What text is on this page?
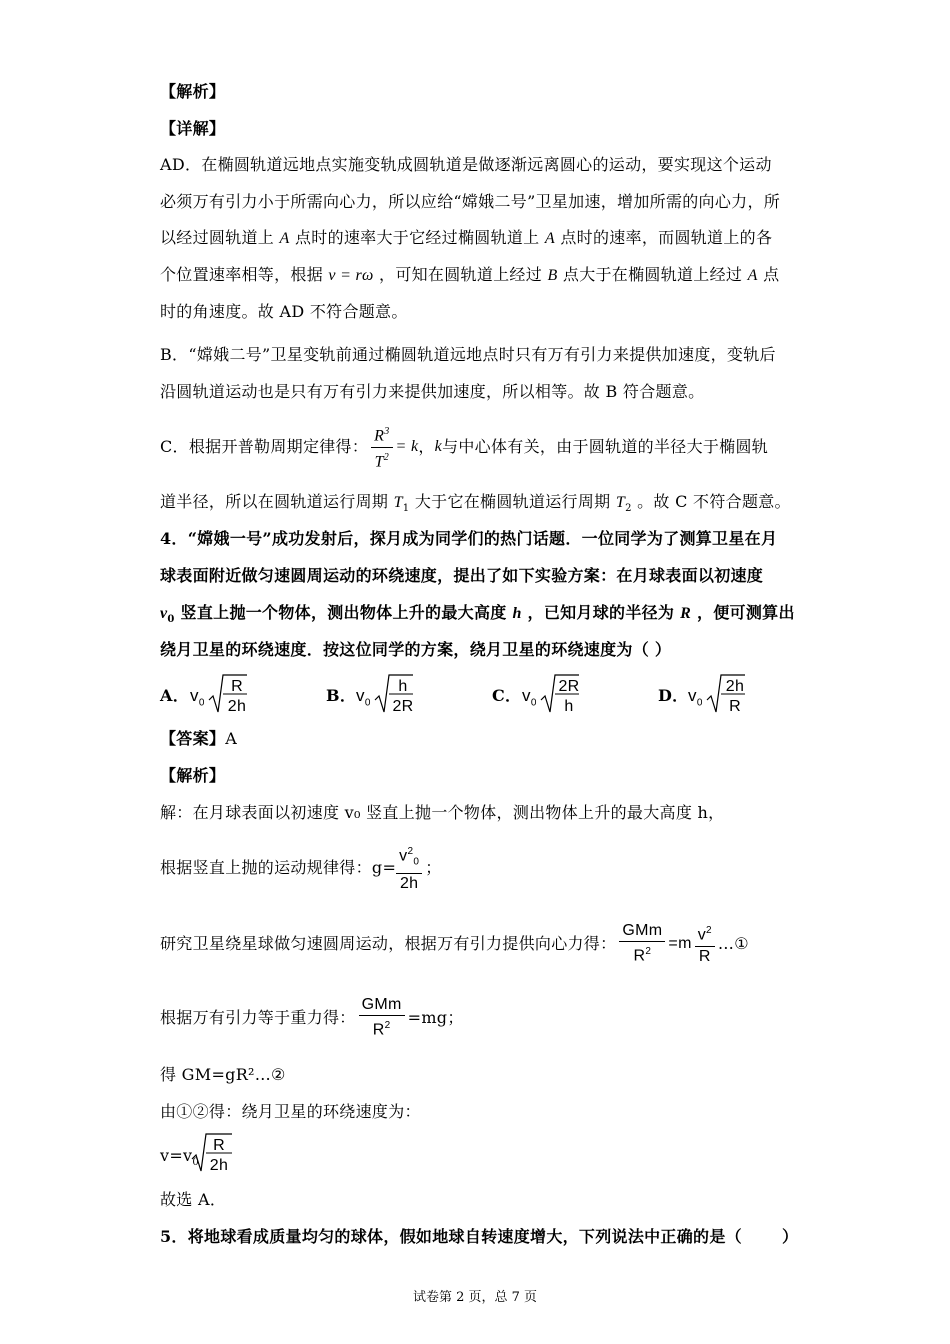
【解析】
【详解】
AD．在椭圆轨道远地点实施变轨成圆轨道是做逐渐远离圆心的运动，要实现这个运动
必须万有引力小于所需向心力，所以应给“嫦娥二号”卫星加速，增加所需的向心力，所
以经过圆轨道上 A 点时的速率大于它经过椭圆轨道上 A 点时的速率，而圆轨道上的各
个位置速率相等，根据 v = rω ，可知在圆轨道上经过 B 点大于在椭圆轨道上经过 A 点
时的角速度。故 AD 不符合题意。
B．“嫦娥二号”卫星变轨前通过椭圆轨道远地点时只有万有引力来提供加速度，变轨后
沿圆轨道运动也是只有万有引力来提供加速度，所以相等。故 B 符合题意。
C．根据开普勒周期定律得： $\frac{R^3}{T^2} = k$ ， k 与中心体有关，由于圆轨道的半径大于椭圆轨
道半径，所以在圆轨道运行周期 $T_1$ 大于它在椭圆轨道运行周期 $T_2$ 。故 C 不符合题意。
4．“嫦娥一号”成功发射后，探月成为同学们的热门话题．一位同学为了测算卫星在月
球表面附近做匀速圆周运动的环绕速度，提出了如下实验方案：在月球表面以初速度
$v_0$ 竖直上抛一个物体，测出物体上升的最大高度 h ，已知月球的半径为 R ，便可测算出
绕月卫星的环绕速度．按这位同学的方案，绕月卫星的环绕速度为（ ）
A． $v_0$
R
2h
B． $v_0$
h
2R
C． $v_0$
2R
h
D． $v_0$
2h
R
【答案】A
【解析】
解：在月球表面以初速度 v₀ 竖直上抛一个物体，测出物体上升的最大高度 h，
根据竖直上抛的运动规律得：$g= \frac{v^2_0}{2h}$ ；
研究卫星绕星球做匀速圆周运动，根据万有引力提供向心力得： $\frac{\text{GMm}}{R^2} =m \frac{v^2}{R}$ …①
根据万有引力等于重力得： $\frac{\text{GMm}}{R^2} =mg$；
得 GM=gR²…②
由①②得：绕月卫星的环绕速度为：
$v=v_0$
R
2h
故选 A．
5．将地球看成质量均匀的球体，假如地球自转速度增大，下列说法中正确的是（	）
试卷第 2 页，总 7 页
